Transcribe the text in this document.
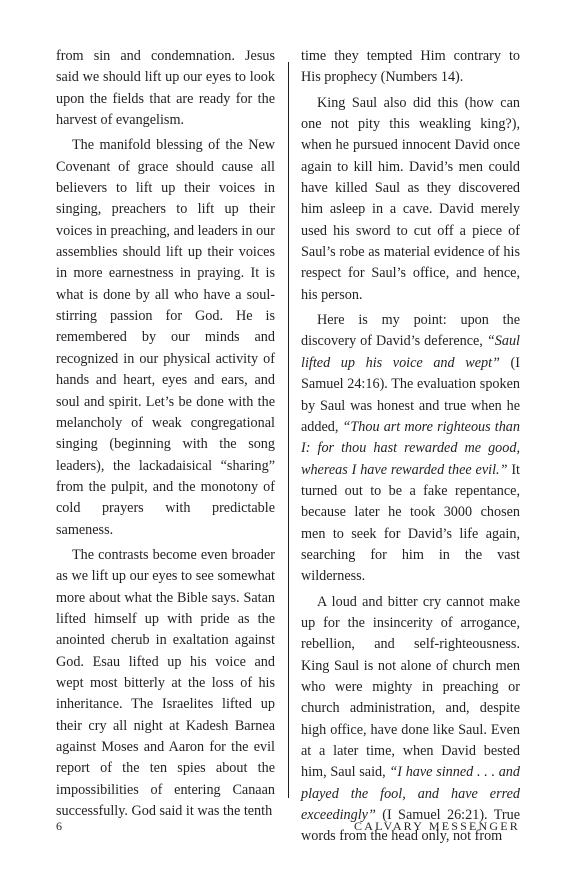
from sin and condemnation. Jesus said we should lift up our eyes to look upon the fields that are ready for the harvest of evangelism.

The manifold blessing of the New Covenant of grace should cause all believers to lift up their voices in singing, preachers to lift up their voices in preaching, and leaders in our assemblies should lift up their voices in more earnestness in praying. It is what is done by all who have a soul-stirring passion for God. He is remembered by our minds and recognized in our physical activity of hands and heart, eyes and ears, and soul and spirit. Let’s be done with the melancholy of weak congregational singing (beginning with the song leaders), the lackadaisical “sharing” from the pulpit, and the monotony of cold prayers with predictable sameness.

The contrasts become even broader as we lift up our eyes to see somewhat more about what the Bible says. Satan lifted himself up with pride as the anointed cherub in exaltation against God. Esau lifted up his voice and wept most bitterly at the loss of his inheritance. The Israelites lifted up their cry all night at Kadesh Barnea against Moses and Aaron for the evil report of the ten spies about the impossibilities of entering Canaan successfully. God said it was the tenth

time they tempted Him contrary to His prophecy (Numbers 14).

King Saul also did this (how can one not pity this weakling king?), when he pursued innocent David once again to kill him. David’s men could have killed Saul as they discovered him asleep in a cave. David merely used his sword to cut off a piece of Saul’s robe as material evidence of his respect for Saul’s office, and hence, his person.

Here is my point: upon the discovery of David’s deference, “Saul lifted up his voice and wept” (I Samuel 24:16). The evaluation spoken by Saul was honest and true when he added, “Thou art more righteous than I: for thou hast rewarded me good, whereas I have rewarded thee evil.” It turned out to be a fake repentance, because later he took 3000 chosen men to seek for David’s life again, searching for him in the vast wilderness.

A loud and bitter cry cannot make up for the insincerity of arrogance, rebellion, and self-righteousness. King Saul is not alone of church men who were mighty in preaching or church administration, and, despite high office, have done like Saul. Even at a later time, when David bested him, Saul said, “I have sinned . . . and played the fool, and have erred exceedingly” (I Samuel 26:21). True words from the head only, not from

6	CALVARY MESSENGER
